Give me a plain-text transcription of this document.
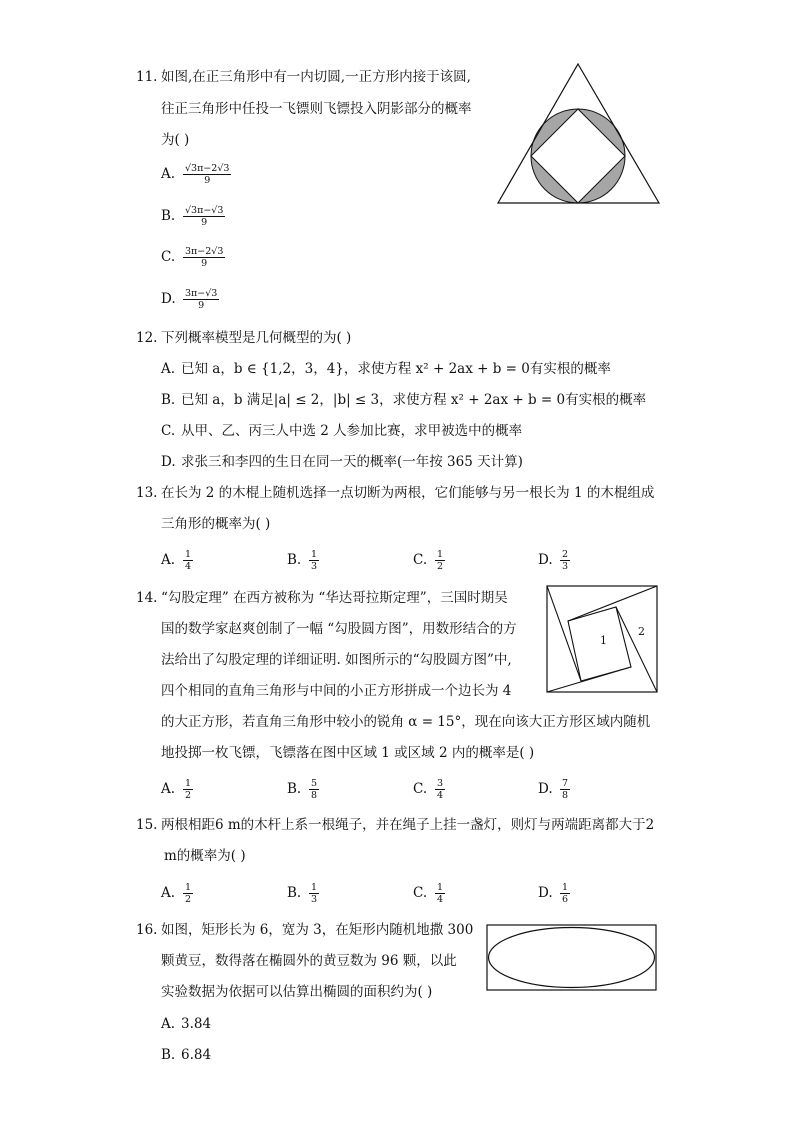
11. 如图,在正三角形中有一内切圆,一正方形内接于该圆,
往正三角形中任投一飞镖则飞镖投入阴影部分的概率
为( )
A. $\frac{√3\pi-2√3}{9}$
B. $\frac{√3\pi-√3}{9}$
C. $\frac{3\pi-2√3}{9}$
D. $\frac{3\pi-√3}{9}$
12. 下列概率模型是几何概型的为( )
A. 已知 a，b ∈ {1,2，3，4}，求使方程 x² + 2ax + b = 0有实根的概率
B. 已知 a，b 满足|a| ≤ 2，|b| ≤ 3，求使方程 x² + 2ax + b = 0有实根的概率
C. 从甲、乙、丙三人中选 2 人参加比赛，求甲被选中的概率
D. 求张三和李四的生日在同一天的概率(一年按 365 天计算)
13. 在长为 2 的木棍上随机选择一点切断为两根，它们能够与另一根长为 1 的木棍组成
三角形的概率为( )
A. $\frac{1}{4}$	B. $\frac{1}{3}$	C. $\frac{1}{2}$	D. $\frac{2}{3}$
14. “勾股定理” 在西方被称为 “华达哥拉斯定理”，三国时期吴
国的数学家赵爽创制了一幅 “勾股圆方图”，用数形结合的方
法给出了勾股定理的详细证明. 如图所示的“勾股圆方图”中,
四个相同的直角三角形与中间的小正方形拼成一个边长为 4
的大正方形，若直角三角形中较小的锐角 α = 15°，现在向该大正方形区域内随机
地投掷一枚飞镖，飞镖落在图中区域 1 或区域 2 内的概率是( )
A. $\frac{1}{2}$	B. $\frac{5}{8}$	C. $\frac{3}{4}$	D. $\frac{7}{8}$
1
2
15. 两根相距6 m的木杆上系一根绳子，并在绳子上挂一盏灯，则灯与两端距离都大于2
m的概率为( )
A. $\frac{1}{2}$	B. $\frac{1}{3}$	C. $\frac{1}{4}$	D. $\frac{1}{6}$
16. 如图，矩形长为 6，宽为 3，在矩形内随机地撒 300
颗黄豆，数得落在椭圆外的黄豆数为 96 颗，以此
实验数据为依据可以估算出椭圆的面积约为( )
A. 3.84
B. 6.84
